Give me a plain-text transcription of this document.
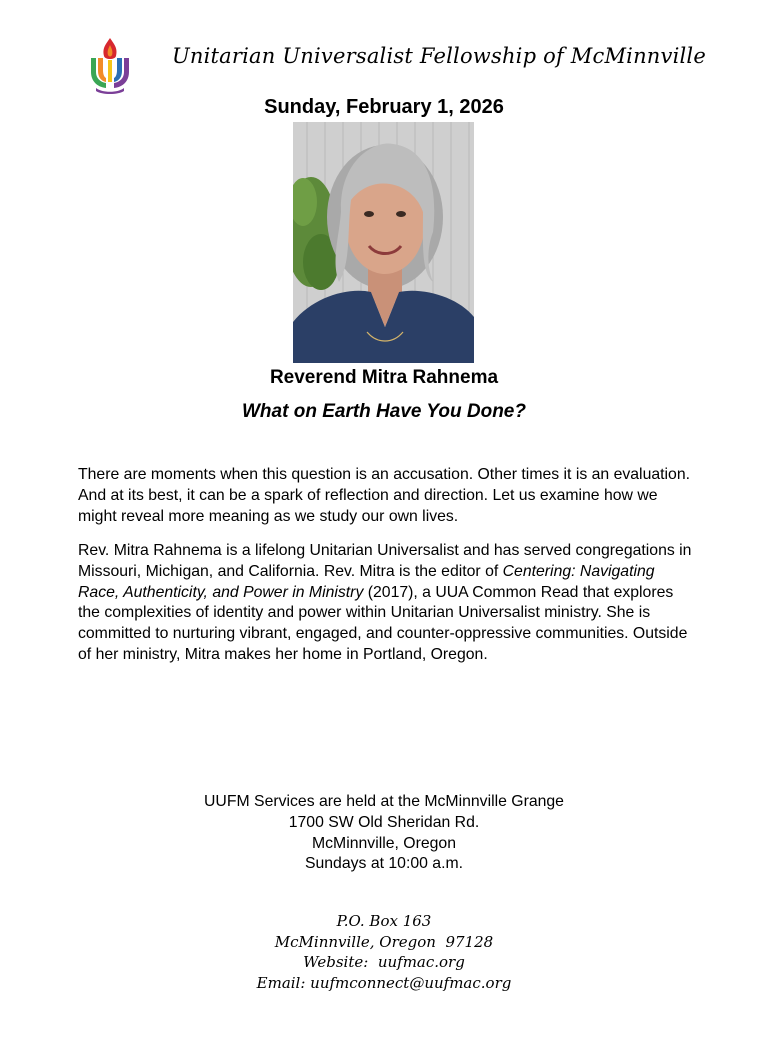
Unitarian Universalist Fellowship of McMinnville
Sunday, February 1, 2026
Reverend Mitra Rahnema
What on Earth Have You Done?

There are moments when this question is an accusation. Other times it is an evaluation. And at its best, it can be a spark of reflection and direction. Let us examine how we might reveal more meaning as we study our own lives.

Rev. Mitra Rahnema is a lifelong Unitarian Universalist and has served congregations in Missouri, Michigan, and California. Rev. Mitra is the editor of Centering: Navigating Race, Authenticity, and Power in Ministry (2017), a UUA Common Read that explores the complexities of identity and power within Unitarian Universalist ministry. She is committed to nurturing vibrant, engaged, and counter-oppressive communities. Outside of her ministry, Mitra makes her home in Portland, Oregon.

UUFM Services are held at the McMinnville Grange
1700 SW Old Sheridan Rd.
McMinnville, Oregon
Sundays at 10:00 a.m.
P.O. Box 163
McMinnville, Oregon  97128
Website:  uufmac.org
Email: uufmconnect@uufmac.org
